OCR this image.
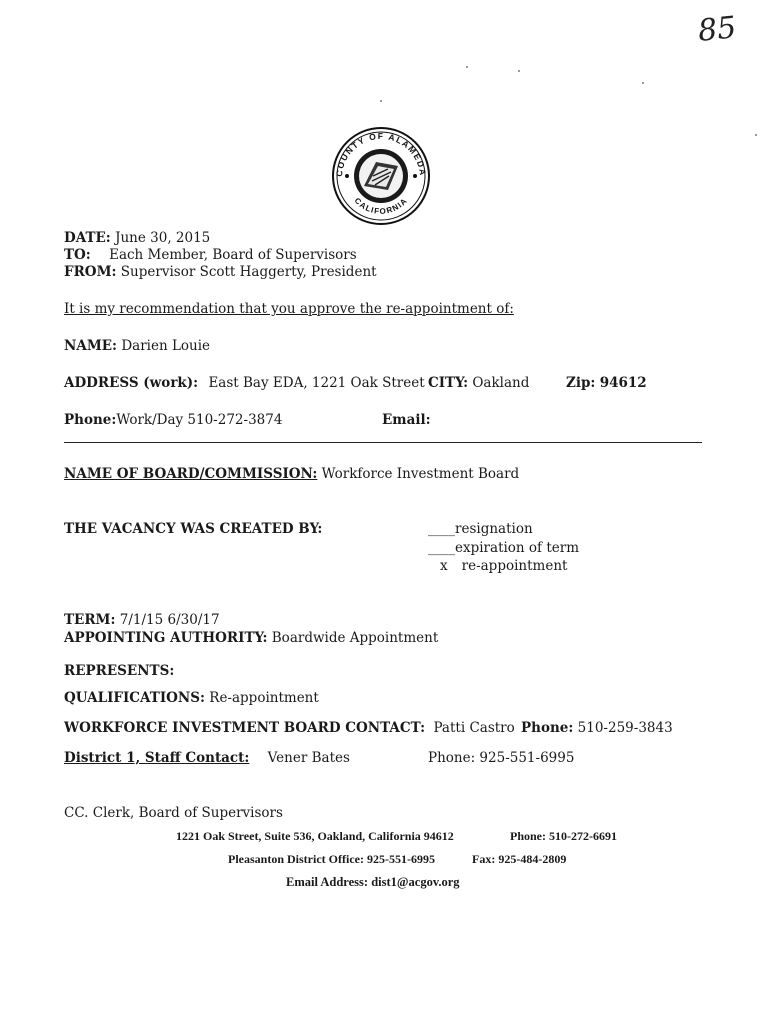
85
COUNTY OF ALAMEDA
CALIFORNIA
DATE: June 30, 2015
TO: Each Member, Board of Supervisors
FROM: Supervisor Scott Haggerty, President
It is my recommendation that you approve the re-appointment of:
NAME: Darien Louie
ADDRESS (work): East Bay EDA, 1221 Oak Street CITY: Oakland	Zip: 94612
Phone:Work/Day 510-272-3874	Email:
NAME OF BOARD/COMMISSION: Workforce Investment Board
THE VACANCY WAS CREATED BY:	____resignation
____expiration of term
x re-appointment
TERM: 7/1/15 6/30/17
APPOINTING AUTHORITY: Boardwide Appointment
REPRESENTS:
QUALIFICATIONS: Re-appointment
WORKFORCE INVESTMENT BOARD CONTACT: Patti Castro Phone: 510-259-3843
District 1, Staff Contact: Vener Bates	Phone: 925-551-6995
CC. Clerk, Board of Supervisors
1221 Oak Street, Suite 536, Oakland, California 94612	Phone: 510-272-6691
Pleasanton District Office: 925-551-6995	Fax: 925-484-2809
Email Address: dist1@acgov.org
